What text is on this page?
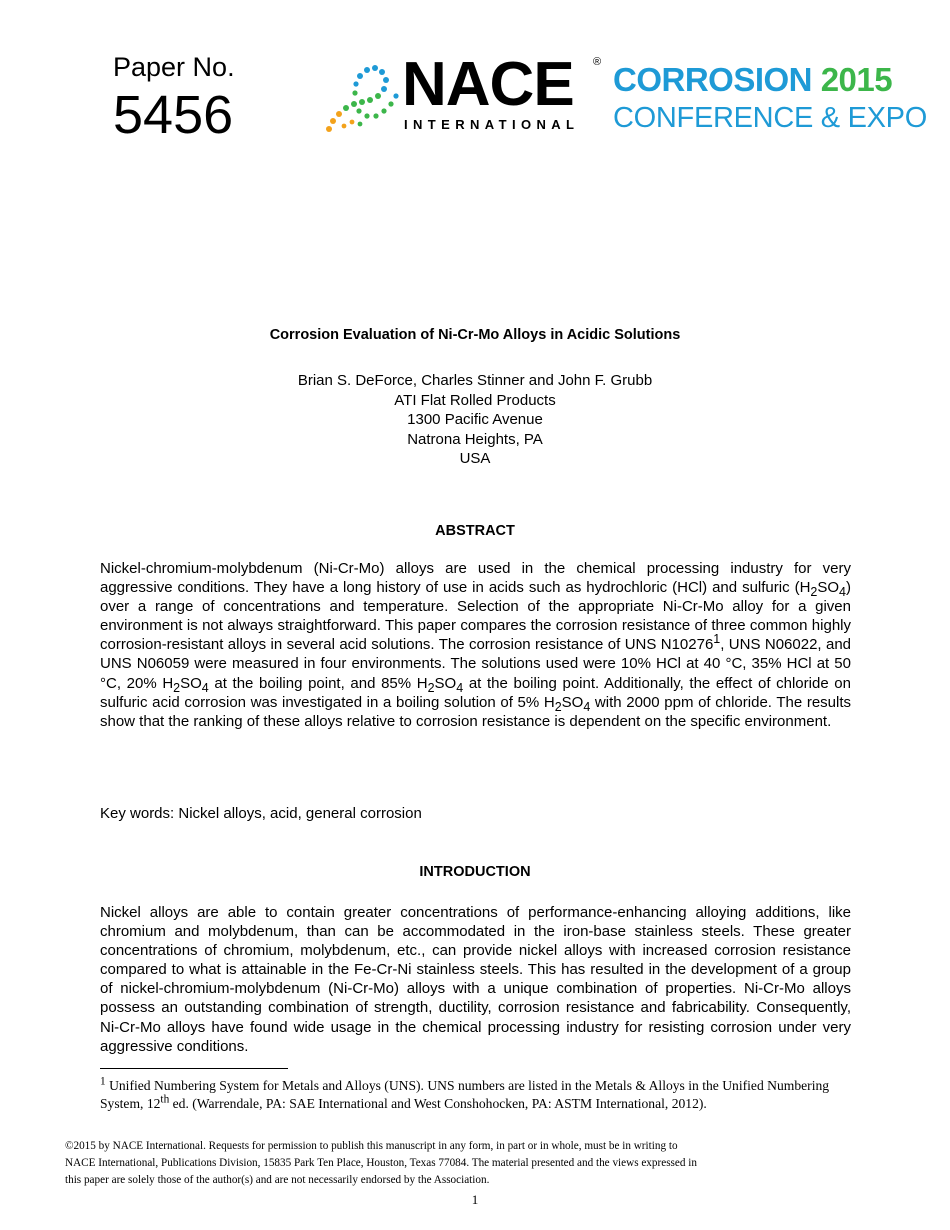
Paper No.
5456	NACE ®
INTERNATIONAL
CORROSION 2015
CONFERENCE & EXPO
Corrosion Evaluation of Ni-Cr-Mo Alloys in Acidic Solutions
Brian S. DeForce, Charles Stinner and John F. Grubb
ATI Flat Rolled Products
1300 Pacific Avenue
Natrona Heights, PA
USA
ABSTRACT

Nickel-chromium-molybdenum (Ni-Cr-Mo) alloys are used in the chemical processing industry for very aggressive conditions. They have a long history of use in acids such as hydrochloric (HCl) and sulfuric $(H_2SO_4)$ over a range of concentrations and temperature. Selection of the appropriate Ni-Cr-Mo alloy for a given environment is not always straightforward. This paper compares the corrosion resistance of three common highly corrosion-resistant alloys in several acid solutions. The corrosion resistance of UNS N10276$^1$, UNS N06022, and UNS N06059 were measured in four environments. The solutions used were 10% HCl at 40 °C, 35% HCl at 50 °C, 20% $H_2SO_4$ at the boiling point, and 85% $H_2SO_4$ at the boiling point. Additionally, the effect of chloride on sulfuric acid corrosion was investigated in a boiling solution of 5% $H_2SO_4$ with 2000 ppm of chloride. The results show that the ranking of these alloys relative to corrosion resistance is dependent on the specific environment.

Key words: Nickel alloys, acid, general corrosion
INTRODUCTION

Nickel alloys are able to contain greater concentrations of performance-enhancing alloying additions, like chromium and molybdenum, than can be accommodated in the iron-base stainless steels. These greater concentrations of chromium, molybdenum, etc., can provide nickel alloys with increased corrosion resistance compared to what is attainable in the Fe-Cr-Ni stainless steels. This has resulted in the development of a group of nickel-chromium-molybdenum (Ni-Cr-Mo) alloys with a unique combination of properties. Ni-Cr-Mo alloys possess an outstanding combination of strength, ductility, corrosion resistance and fabricability. Consequently, Ni-Cr-Mo alloys have found wide usage in the chemical processing industry for resisting corrosion under very aggressive conditions.

$^1$ Unified Numbering System for Metals and Alloys (UNS). UNS numbers are listed in the Metals & Alloys in the Unified Numbering System, 12th ed. (Warrendale, PA: SAE International and West Conshohocken, PA: ASTM International, 2012).
©2015 by NACE International. Requests for permission to publish this manuscript in any form, in part or in whole, must be in writing to
NACE International, Publications Division, 15835 Park Ten Place, Houston, Texas 77084. The material presented and the views expressed in
this paper are solely those of the author(s) and are not necessarily endorsed by the Association.
1
